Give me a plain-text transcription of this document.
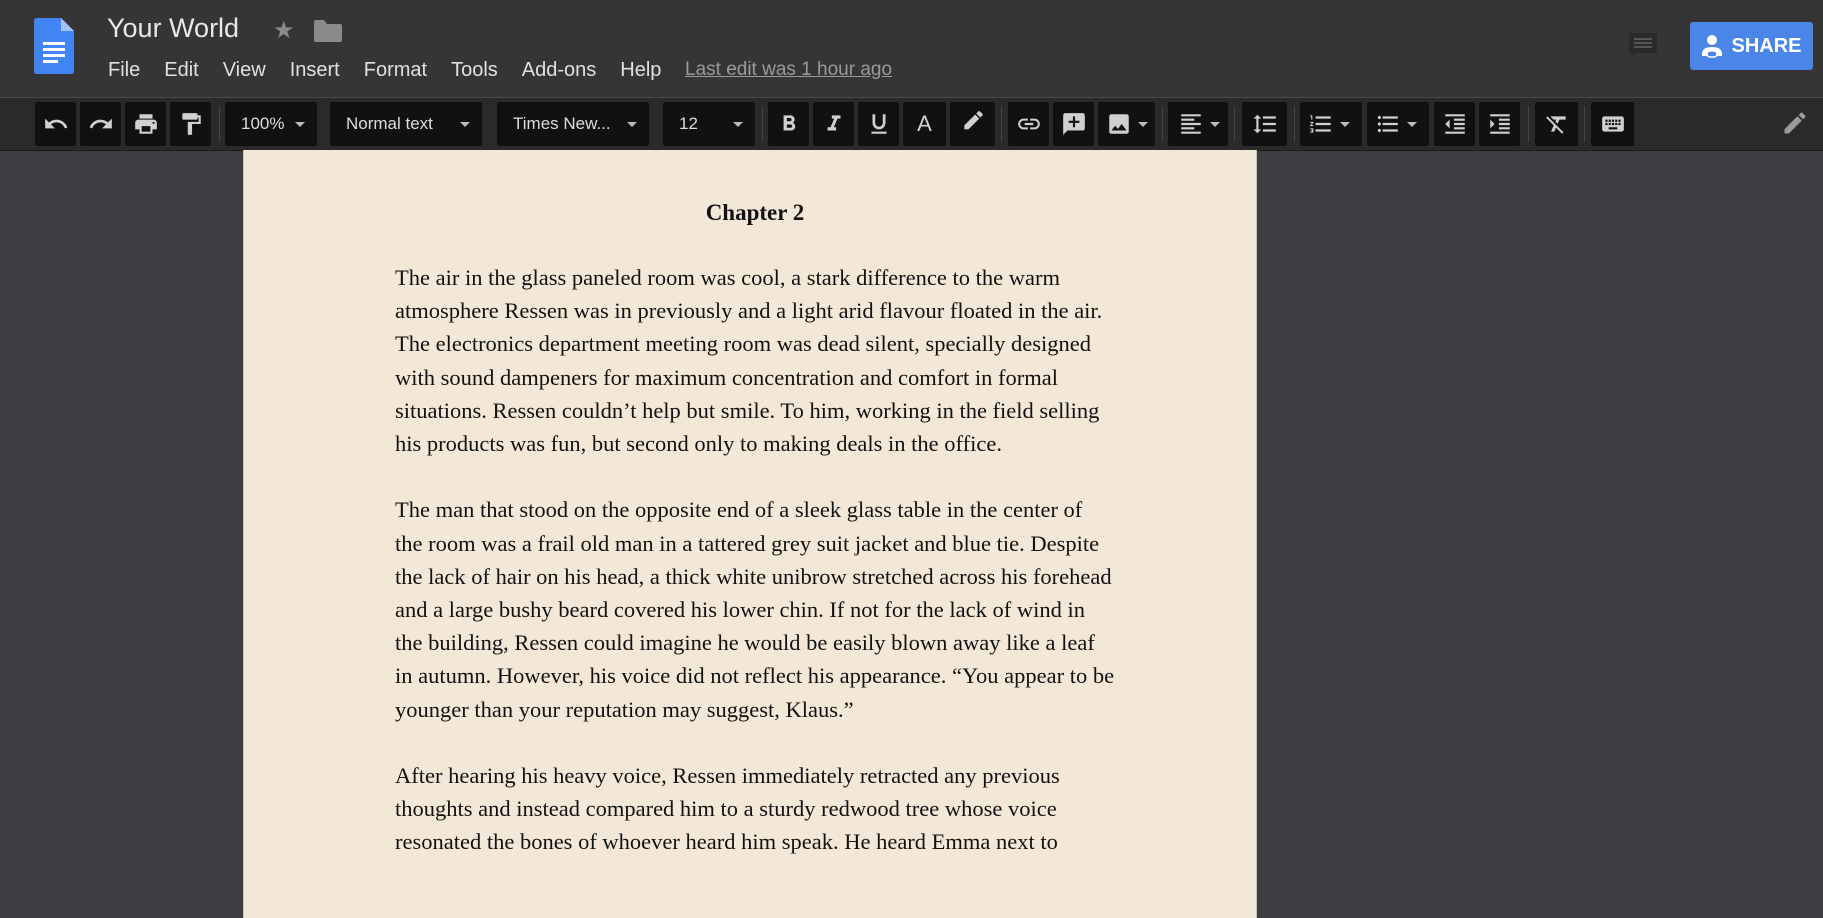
Your World ★
File	Edit	View	Insert	Format	Tools	Add-ons	Help	Last edit was 1 hour ago
SHARE
100%	Normal text	Times New...	12	A
Chapter 2

The air in the glass paneled room was cool, a stark difference to the warm atmosphere Ressen was in previously and a light arid flavour floated in the air. The electronics department meeting room was dead silent, specially designed with sound dampeners for maximum concentration and comfort in formal situations. Ressen couldn’t help but smile. To him, working in the field selling his products was fun, but second only to making deals in the office.

The man that stood on the opposite end of a sleek glass table in the center of the room was a frail old man in a tattered grey suit jacket and blue tie. Despite the lack of hair on his head, a thick white unibrow stretched across his forehead and a large bushy beard covered his lower chin. If not for the lack of wind in the building, Ressen could imagine he would be easily blown away like a leaf in autumn. However, his voice did not reflect his appearance. “You appear to be younger than your reputation may suggest, Klaus.”

After hearing his heavy voice, Ressen immediately retracted any previous thoughts and instead compared him to a sturdy redwood tree whose voice resonated the bones of whoever heard him speak. He heard Emma next to
